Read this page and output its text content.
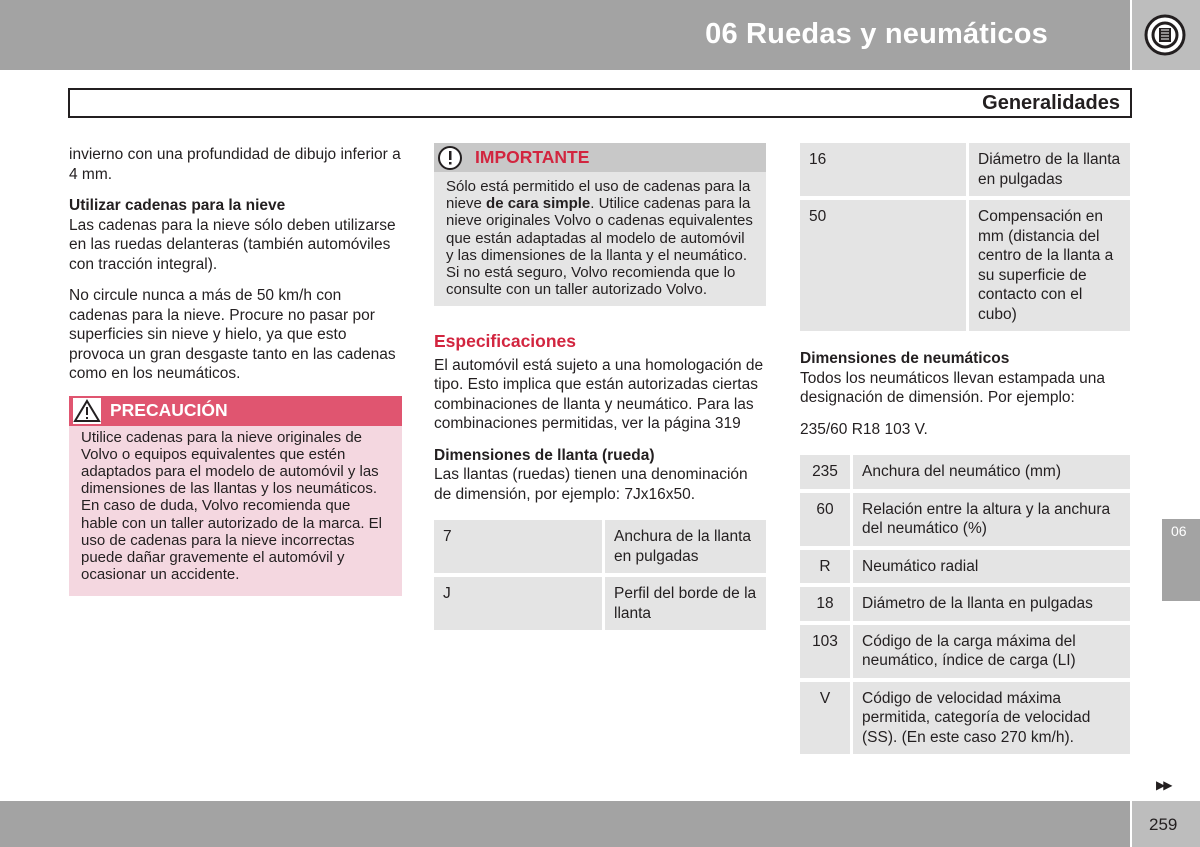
06 Ruedas y neumáticos
Generalidades

invierno con una profundidad de dibujo inferior a 4 mm.

Utilizar cadenas para la nieve

Las cadenas para la nieve sólo deben utilizarse en las ruedas delanteras (también automóviles con tracción integral).

No circule nunca a más de 50 km/h con cadenas para la nieve. Procure no pasar por superficies sin nieve y hielo, ya que esto provoca un gran desgaste tanto en las cadenas como en los neumáticos.

PRECAUCIÓN
Utilice cadenas para la nieve originales de Volvo o equipos equivalentes que estén adaptados para el modelo de automóvil y las dimensiones de las llantas y los neumáticos. En caso de duda, Volvo recomienda que hable con un taller autorizado de la marca. El uso de cadenas para la nieve incorrectas puede dañar gravemente el automóvil y ocasionar un accidente.
IMPORTANTE
Sólo está permitido el uso de cadenas para la nieve de cara simple. Utilice cadenas para la nieve originales Volvo o cadenas equivalentes que están adaptadas al modelo de automóvil y las dimensiones de la llanta y el neumático. Si no está seguro, Volvo recomienda que lo consulte con un taller autorizado Volvo.
Especificaciones

El automóvil está sujeto a una homologación de tipo. Esto implica que están autorizadas ciertas combinaciones de llanta y neumático. Para las combinaciones permitidas, ver la página 319

Dimensiones de llanta (rueda)

Las llantas (ruedas) tienen una denominación de dimensión, por ejemplo: 7Jx16x50.

7	Anchura de la llanta en pulgadas
J	Perfil del borde de la llanta
16	Diámetro de la llanta en pulgadas
50	Compensación en mm (distancia del centro de la llanta a su superficie de contacto con el cubo)
Dimensiones de neumáticos

Todos los neumáticos llevan estampada una designación de dimensión. Por ejemplo:

235/60 R18 103 V.

235	Anchura del neumático (mm)
60	Relación entre la altura y la anchura del neumático (%)
R	Neumático radial
18	Diámetro de la llanta en pulgadas
103	Código de la carga máxima del neumático, índice de carga (LI)
V	Código de velocidad máxima permitida, categoría de velocidad (SS). (En este caso 270 km/h).
06
▶▶
259
